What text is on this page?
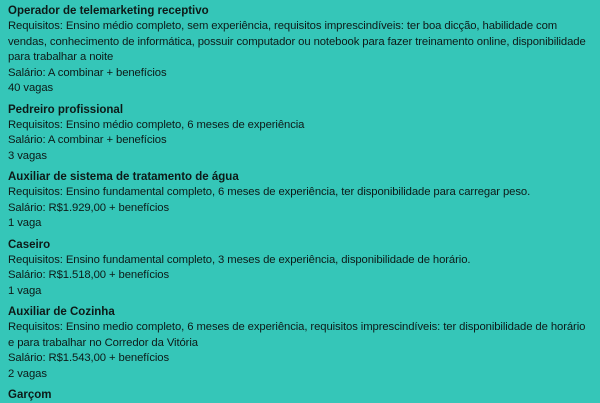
Operador de telemarketing receptivo

Requisitos: Ensino médio completo, sem experiência, requisitos imprescindíveis: ter boa dicção, habilidade com vendas, conhecimento de informática, possuir computador ou notebook para fazer treinamento online, disponibilidade para trabalhar a noite

Salário: A combinar + benefícios

40 vagas

Pedreiro profissional

Requisitos: Ensino médio completo, 6 meses de experiência

Salário: A combinar + benefícios

3 vagas

Auxiliar de sistema de tratamento de água

Requisitos: Ensino fundamental completo, 6 meses de experiência, ter disponibilidade para carregar peso.

Salário: R$1.929,00 + benefícios

1 vaga

Caseiro

Requisitos: Ensino fundamental completo, 3 meses de experiência, disponibilidade de horário.

Salário: R$1.518,00 + benefícios

1 vaga

Auxiliar de Cozinha

Requisitos: Ensino medio completo, 6 meses de experiência, requisitos imprescindíveis: ter disponibilidade de horário e para trabalhar no Corredor da Vitória

Salário: R$1.543,00 + benefícios

2 vagas

Garçom
